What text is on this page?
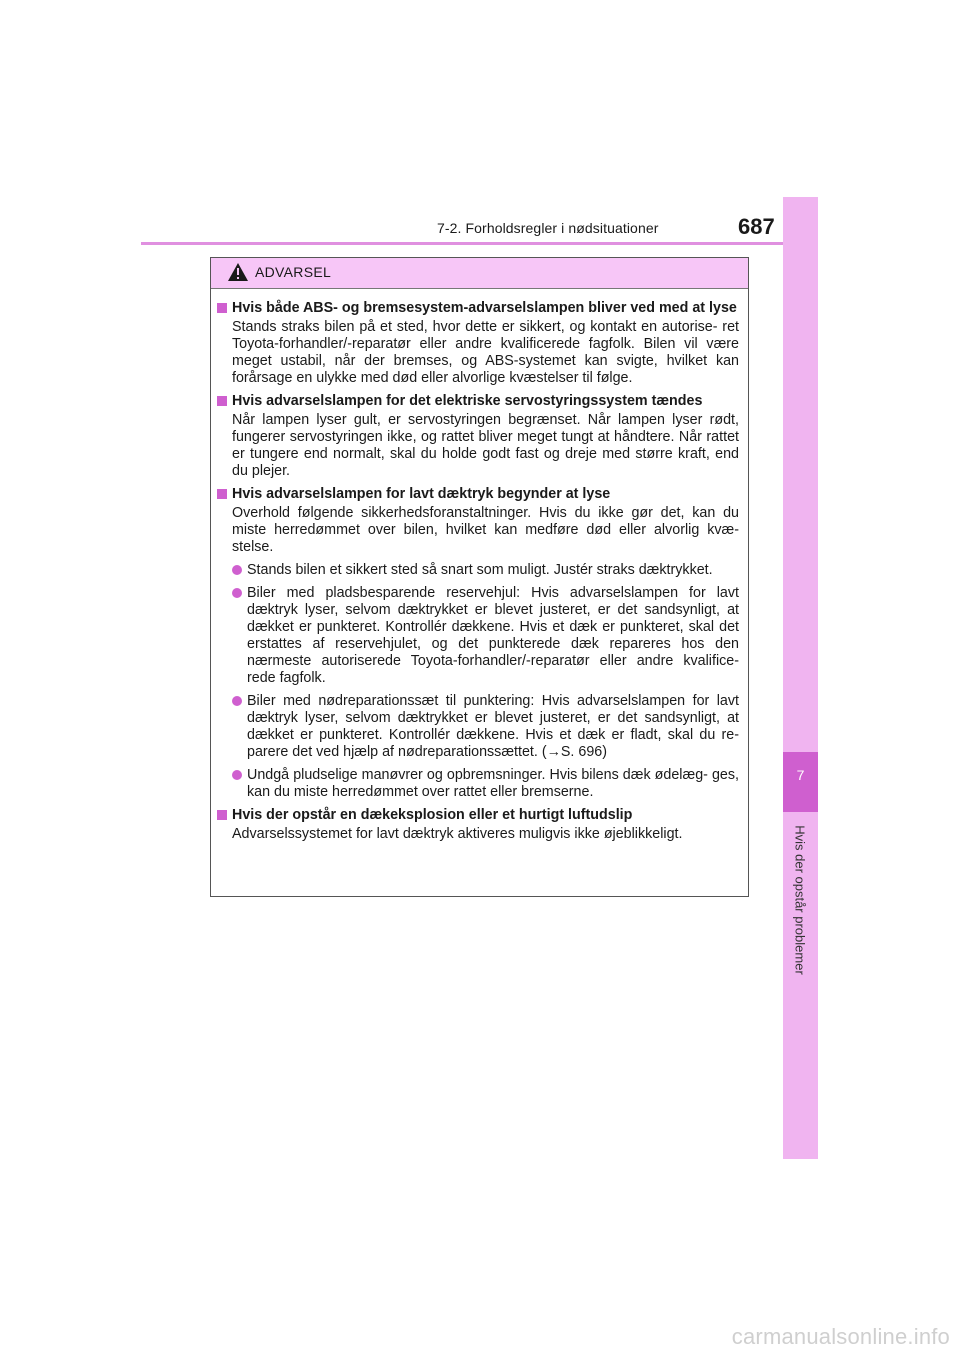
7-2. Forholdsregler i nødsituationer	687
7
Hvis der opstår problemer
ADVARSEL
Hvis både ABS- og bremsesystem-advarselslampen bliver ved med at lyse
Stands straks bilen på et sted, hvor dette er sikkert, og kontakt en autorise- ret Toyota-forhandler/-reparatør eller andre kvalificerede fagfolk. Bilen vil være meget ustabil, når der bremses, og ABS-systemet kan svigte, hvilket kan forårsage en ulykke med død eller alvorlige kvæstelser til følge.
Hvis advarselslampen for det elektriske servostyringssystem tændes
Når lampen lyser gult, er servostyringen begrænset. Når lampen lyser rødt, fungerer servostyringen ikke, og rattet bliver meget tungt at håndtere. Når rattet er tungere end normalt, skal du holde godt fast og dreje med større kraft, end du plejer.
Hvis advarselslampen for lavt dæktryk begynder at lyse
Overhold følgende sikkerhedsforanstaltninger. Hvis du ikke gør det, kan du miste herredømmet over bilen, hvilket kan medføre død eller alvorlig kvæ- stelse.
Stands bilen et sikkert sted så snart som muligt. Justér straks dæktrykket.
Biler med pladsbesparende reservehjul: Hvis advarselslampen for lavt dæktryk lyser, selvom dæktrykket er blevet justeret, er det sandsynligt, at dækket er punkteret. Kontrollér dækkene. Hvis et dæk er punkteret, skal det erstattes af reservehjulet, og det punkterede dæk repareres hos den nærmeste autoriserede Toyota-forhandler/-reparatør eller andre kvalifice- rede fagfolk.
Biler med nødreparationssæt til punktering: Hvis advarselslampen for lavt dæktryk lyser, selvom dæktrykket er blevet justeret, er det sandsynligt, at dækket er punkteret. Kontrollér dækkene. Hvis et dæk er fladt, skal du re- parere det ved hjælp af nødreparationssættet. (→S. 696)
Undgå pludselige manøvrer og opbremsninger. Hvis bilens dæk ødelæg- ges, kan du miste herredømmet over rattet eller bremserne.
Hvis der opstår en dækeksplosion eller et hurtigt luftudslip
Advarselssystemet for lavt dæktryk aktiveres muligvis ikke øjeblikkeligt.
carmanualsonline.info
